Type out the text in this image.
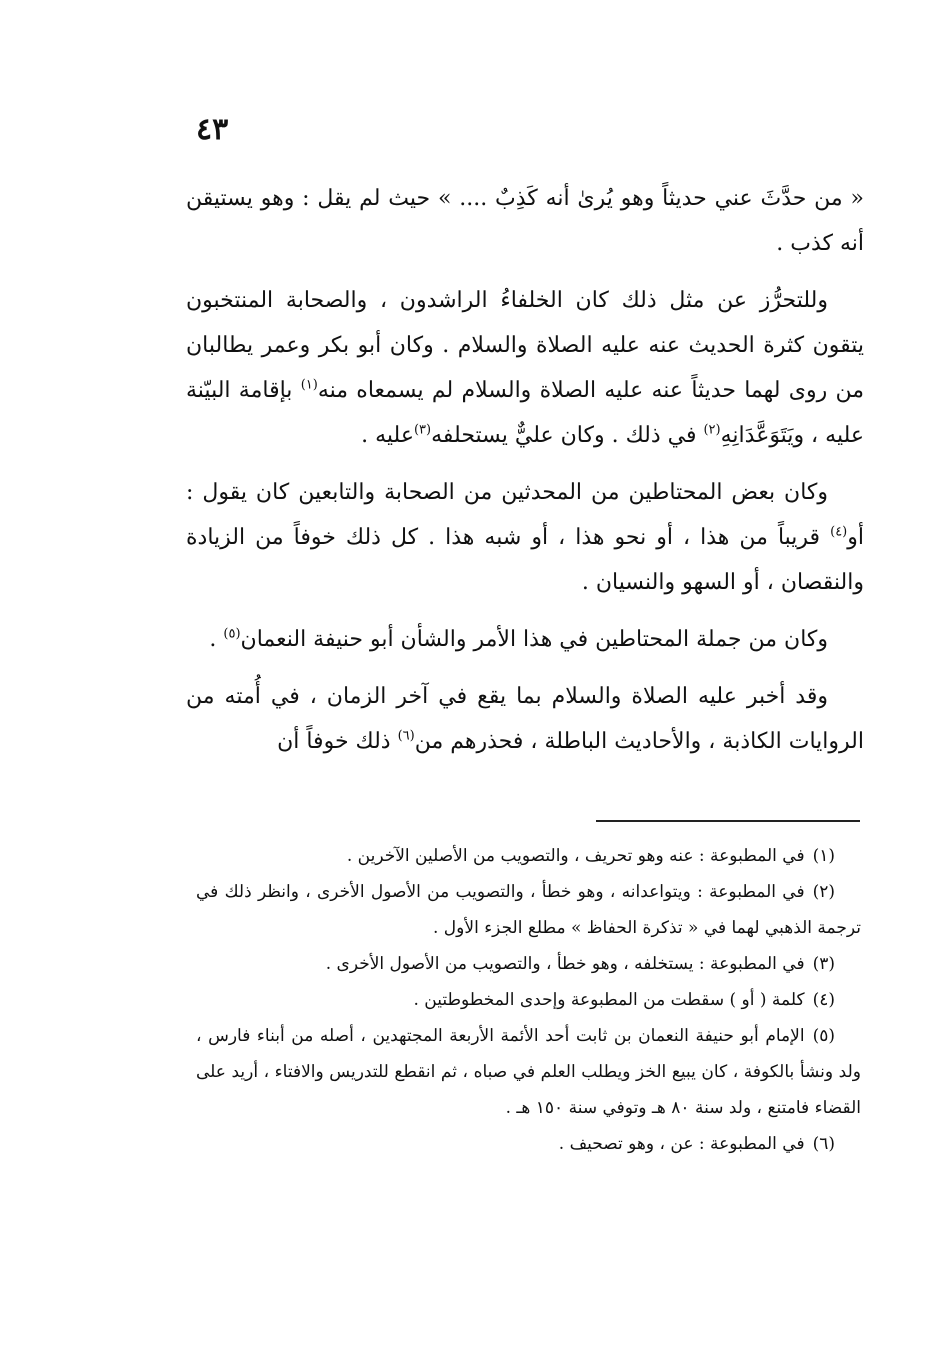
٤٣

« من حدَّثَ عني حديثاً وهو يُرىٰ أنه كَذِبٌ .... » حيث لم يقل : وهو يستيقن أنه كذب .

وللتحرُّز عن مثل ذلك كان الخلفاءُ الراشدون ، والصحابة المنتخبون يتقون كثرة الحديث عنه عليه الصلاة والسلام . وكان أبو بكر وعمر يطالبان من روى لهما حديثاً عنه عليه الصلاة والسلام لم يسمعاه منه$^{(١)}$ بإقامة البيّنة عليه ، ويَتَوَعَّدَانِهِ$^{(٢)}$ في ذلك . وكان عليٌّ يستحلفه$^{(٣)}$عليه .

وكان بعض المحتاطين من المحدثين من الصحابة والتابعين كان يقول : أو$^{(٤)}$ قريباً من هذا ، أو نحو هذا ، أو شبه هذا . كل ذلك خوفاً من الزيادة والنقصان ، أو السهو والنسيان .

وكان من جملة المحتاطين في هذا الأمر والشأن أبو حنيفة النعمان$^{(٥)}$ .

وقد أخبر عليه الصلاة والسلام بما يقع في آخر الزمان ، في أُمته من الروايات الكاذبة ، والأحاديث الباطلة ، فحذرهم من$^{(٦)}$ ذلك خوفاً أن

(١)في المطبوعة : عنه وهو تحريف ، والتصويب من الأصلين الآخرين .

(٢)في المطبوعة : ويتواعدانه ، وهو خطأ ، والتصويب من الأصول الأخرى ، وانظر ذلك في ترجمة الذهبي لهما في « تذكرة الحفاظ » مطلع الجزء الأول .

(٣)في المطبوعة : يستخلفه ، وهو خطأ ، والتصويب من الأصول الأخرى .

(٤)كلمة ( أو ) سقطت من المطبوعة وإحدى المخطوطتين .

(٥)الإمام أبو حنيفة النعمان بن ثابت أحد الأئمة الأربعة المجتهدين ، أصله من أبناء فارس ، ولد ونشأ بالكوفة ، كان يبيع الخز ويطلب العلم في صباه ، ثم انقطع للتدريس والافتاء ، أريد على القضاء فامتنع ، ولد سنة ٨٠ هـ وتوفي سنة ١٥٠ هـ .

(٦)في المطبوعة : عن ، وهو تصحيف .
